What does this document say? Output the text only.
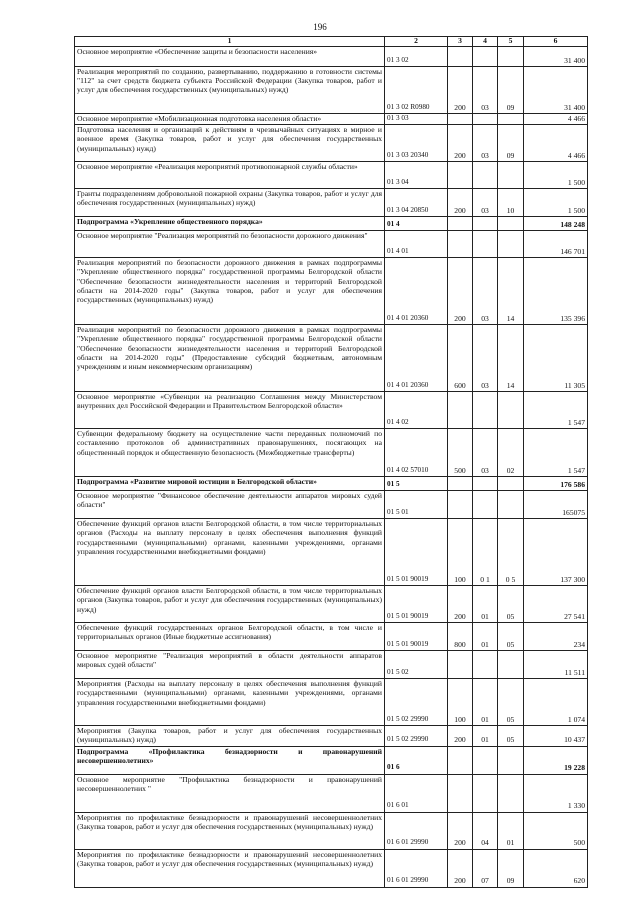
196
1	2	3	4	5	6
Основное мероприятие «Обеспечение защиты и безопасности населения»	01 3 02				31 400
Реализация мероприятий по созданию, развертыванию, поддержанию в готовности системы "112" за счет средств бюджета субъекта Российской Федерации (Закупка товаров, работ и услуг для обеспечения государственных (муниципальных) нужд)	01 3 02 R0980	200	03	09	31 400
Основное мероприятие «Мобилизационная подготовка населения области»	01 3 03				4 466
Подготовка населения и организаций к действиям в чрезвычайных ситуациях в мирное и военное время (Закупка товаров, работ и услуг для обеспечения государственных (муниципальных) нужд)	01 3 03 20340	200	03	09	4 466
Основное мероприятие «Реализация мероприятий противопожарной службы области»	01 3 04				1 500
Гранты подразделениям добровольной пожарной охраны (Закупка товаров, работ и услуг для обеспечения государственных (муниципальных) нужд)	01 3 04 20850	200	03	10	1 500
Подпрограмма «Укрепление общественного порядка»	01 4				148 248
Основное мероприятие "Реализация мероприятий по безопасности дорожного движения"	01 4 01				146 701
Реализация мероприятий по безопасности дорожного движения в рамках подпрограммы "Укрепление общественного порядка" государственной программы Белгородской области "Обеспечение безопасности жизнедеятельности населения и территорий Белгородской области на 2014-2020 годы" (Закупка товаров, работ и услуг для обеспечения государственных (муниципальных) нужд)	01 4 01 20360	200	03	14	135 396
Реализация мероприятий по безопасности дорожного движения в рамках подпрограммы "Укрепление общественного порядка" государственной программы Белгородской области "Обеспечение безопасности жизнедеятельности населения и территорий Белгородской области на 2014-2020 годы" (Предоставление субсидий бюджетным, автономным учреждениям и иным некоммерческим организациям)	01 4 01 20360	600	03	14	11 305
Основное мероприятие «Субвенции на реализацию Соглашения между Министерством внутренних дел Российской Федерации и Правительством Белгородской области»	01 4 02				1 547
Субвенции федеральному бюджету на осуществление части переданных полномочий по составлению протоколов об административных правонарушениях, посягающих на общественный порядок и общественную безопасность (Межбюджетные трансферты)	01 4 02 57010	500	03	02	1 547
Подпрограмма «Развитие мировой юстиции в Белгородской области»	01 5				176 586
Основное мероприятие "Финансовое обеспечение деятельности аппаратов мировых судей области"	01 5 01				165075
Обеспечение функций органов власти Белгородской области, в том числе территориальных органов (Расходы на выплату персоналу в целях обеспечения выполнения функций государственными (муниципальными) органами, казенными учреждениями, органами управления государственными внебюджетными фондами)	01 5 01 90019	100	0 1	0 5	137 300
Обеспечение функций органов власти Белгородской области, в том числе территориальных органов (Закупка товаров, работ и услуг для обеспечения государственных (муниципальных) нужд)	01 5 01 90019	200	01	05	27 541
Обеспечение функций государственных органов Белгородской области, в том числе и территориальных органов (Иные бюджетные ассигнования)	01 5 01 90019	800	01	05	234
Основное мероприятие "Реализация мероприятий в области деятельности аппаратов мировых судей области"	01 5 02				11 511
Мероприятия (Расходы на выплату персоналу в целях обеспечения выполнения функций государственными (муниципальными) органами, казенными учреждениями, органами управления государственными внебюджетными фондами)	01 5 02 29990	100	01	05	1 074
Мероприятия (Закупка товаров, работ и услуг для обеспечения государственных (муниципальных) нужд)	01 5 02 29990	200	01	05	10 437
Подпрограмма «Профилактика безнадзорности и правонарушений несовершеннолетних»	01 6				19 228
Основное мероприятие "Профилактика безнадзорности и правонарушений несовершеннолетних "	01 6 01				1 330
Мероприятия по профилактике безнадзорности и правонарушений несовершеннолетних (Закупка товаров, работ и услуг для обеспечения государственных (муниципальных) нужд)	01 6 01 29990	200	04	01	500
Мероприятия по профилактике безнадзорности и правонарушений несовершеннолетних (Закупка товаров, работ и услуг для обеспечения государственных (муниципальных) нужд)	01 6 01 29990	200	07	09	620
